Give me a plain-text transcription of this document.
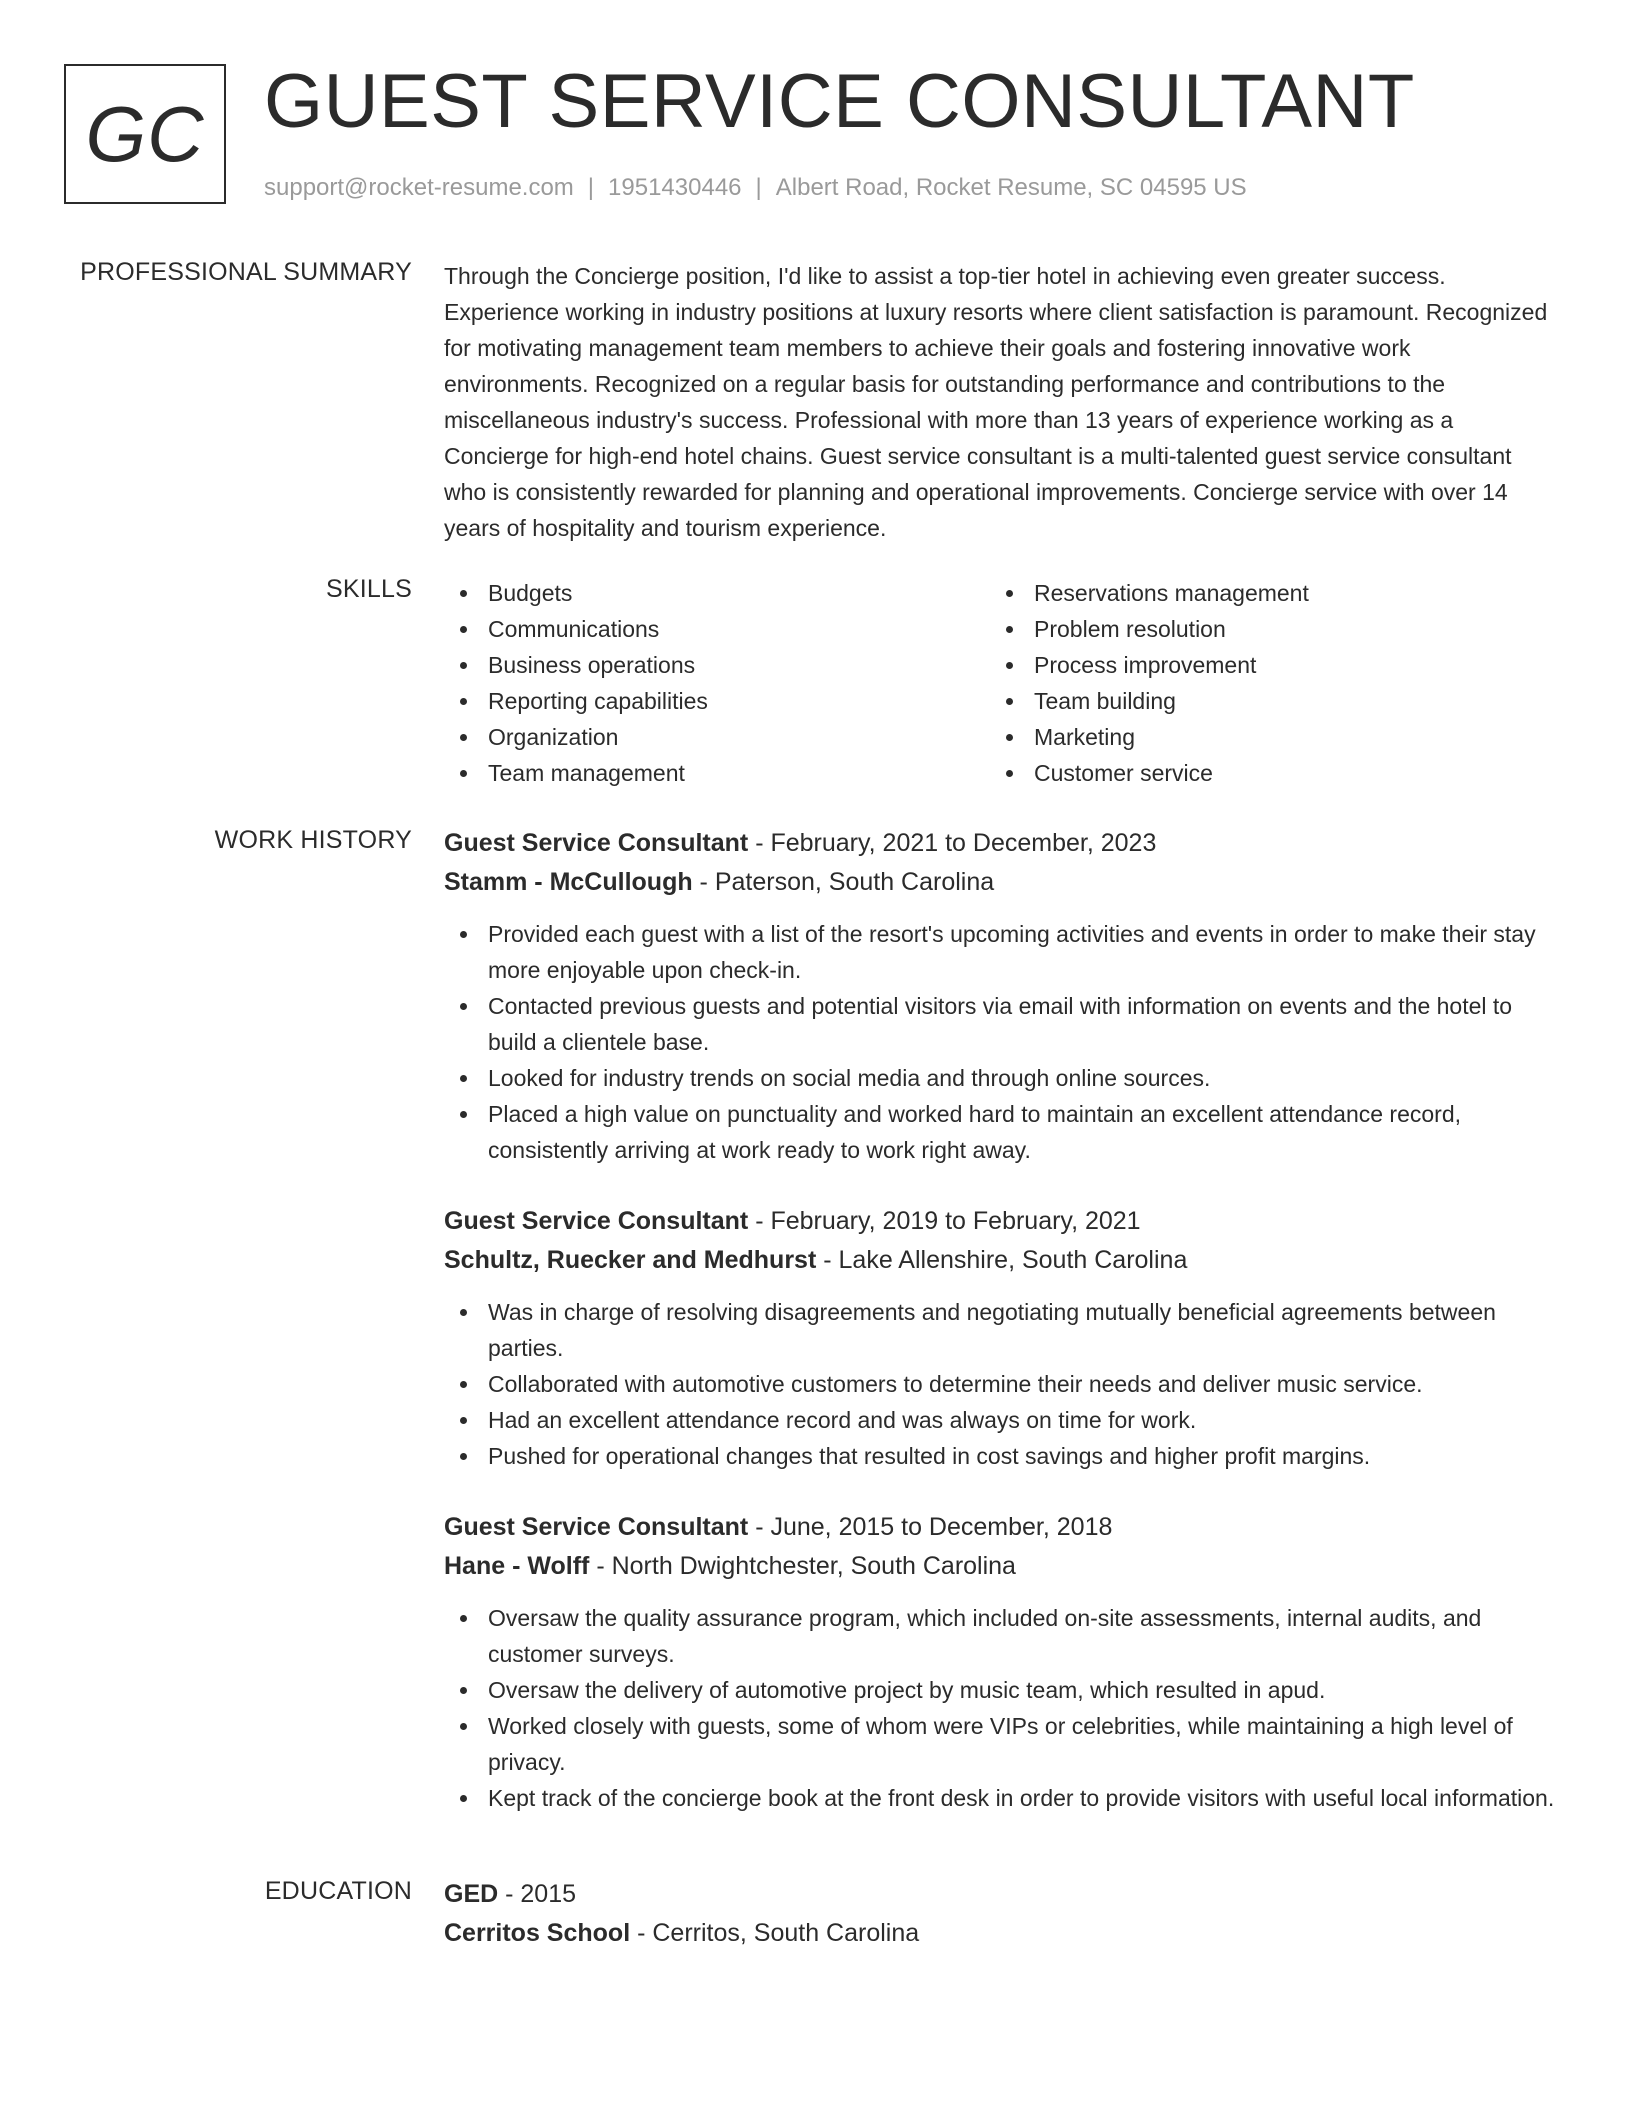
GC GUEST SERVICE CONSULTANT
support@rocket-resume.com | 1951430446 | Albert Road, Rocket Resume, SC 04595 US
PROFESSIONAL SUMMARY Through the Concierge position, I'd like to assist a top-tier hotel in achieving even greater success. Experience working in industry positions at luxury resorts where client satisfaction is paramount. Recognized for motivating management team members to achieve their goals and fostering innovative work environments. Recognized on a regular basis for outstanding performance and contributions to the miscellaneous industry's success. Professional with more than 13 years of experience working as a Concierge for high-end hotel chains. Guest service consultant is a multi-talented guest service consultant who is consistently rewarded for planning and operational improvements. Concierge service with over 14 years of hospitality and tourism experience.

SKILLS	Budgets
Communications
Business operations
Reporting capabilities
Organization
Team management
Reservations management
Problem resolution
Process improvement
Team building
Marketing
Customer service
WORK HISTORY Guest Service Consultant - February, 2021 to December, 2023
Stamm - McCullough - Paterson, South Carolina
Provided each guest with a list of the resort's upcoming activities and events in order to make their stay more enjoyable upon check-in.
Contacted previous guests and potential visitors via email with information on events and the hotel to build a clientele base.
Looked for industry trends on social media and through online sources.
Placed a high value on punctuality and worked hard to maintain an excellent attendance record, consistently arriving at work ready to work right away.
Guest Service Consultant - February, 2019 to February, 2021
Schultz, Ruecker and Medhurst - Lake Allenshire, South Carolina
Was in charge of resolving disagreements and negotiating mutually beneficial agreements between parties.
Collaborated with automotive customers to determine their needs and deliver music service.
Had an excellent attendance record and was always on time for work.
Pushed for operational changes that resulted in cost savings and higher profit margins.
Guest Service Consultant - June, 2015 to December, 2018
Hane - Wolff - North Dwightchester, South Carolina
Oversaw the quality assurance program, which included on-site assessments, internal audits, and customer surveys.
Oversaw the delivery of automotive project by music team, which resulted in apud.
Worked closely with guests, some of whom were VIPs or celebrities, while maintaining a high level of privacy.
Kept track of the concierge book at the front desk in order to provide visitors with useful local information.
EDUCATION GED - 2015
Cerritos School - Cerritos, South Carolina
